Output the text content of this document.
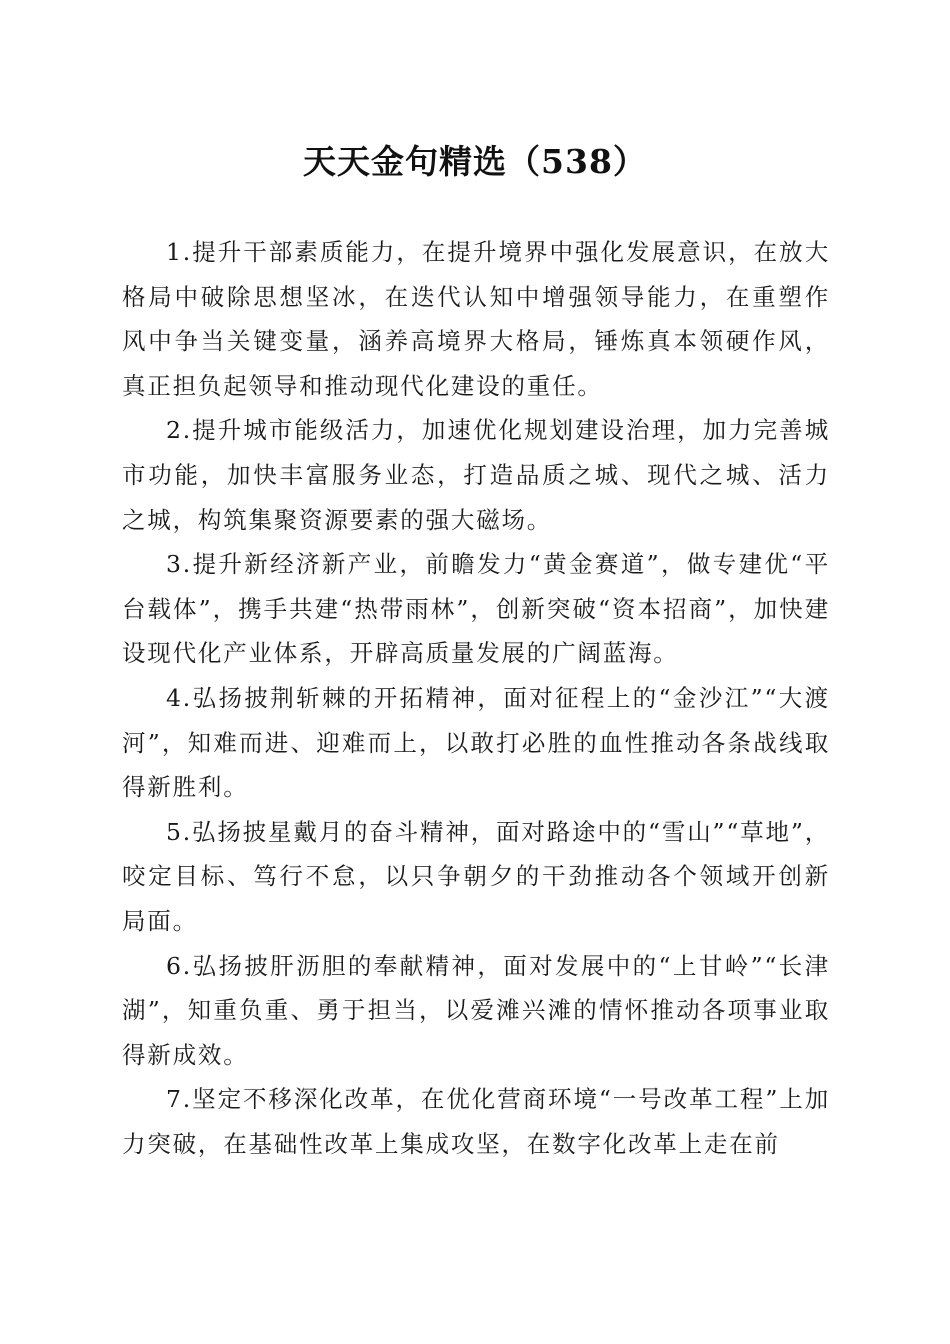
天天金句精选（538）

1.提升干部素质能力，在提升境界中强化发展意识，在放大格局中破除思想坚冰，在迭代认知中增强领导能力，在重塑作风中争当关键变量，涵养高境界大格局，锤炼真本领硬作风，真正担负起领导和推动现代化建设的重任。

2.提升城市能级活力，加速优化规划建设治理，加力完善城市功能，加快丰富服务业态，打造品质之城、现代之城、活力之城，构筑集聚资源要素的强大磁场。

3.提升新经济新产业，前瞻发力“黄金赛道”，做专建优“平台载体”，携手共建“热带雨林”，创新突破“资本招商”，加快建设现代化产业体系，开辟高质量发展的广阔蓝海。

4.弘扬披荆斩棘的开拓精神，面对征程上的“金沙江”“大渡河”，知难而进、迎难而上，以敢打必胜的血性推动各条战线取得新胜利。

5.弘扬披星戴月的奋斗精神，面对路途中的“雪山”“草地”，咬定目标、笃行不怠，以只争朝夕的干劲推动各个领域开创新局面。

6.弘扬披肝沥胆的奉献精神，面对发展中的“上甘岭”“长津湖”，知重负重、勇于担当，以爱滩兴滩的情怀推动各项事业取得新成效。

7.坚定不移深化改革，在优化营商环境“一号改革工程”上加力突破，在基础性改革上集成攻坚，在数字化改革上走在前
